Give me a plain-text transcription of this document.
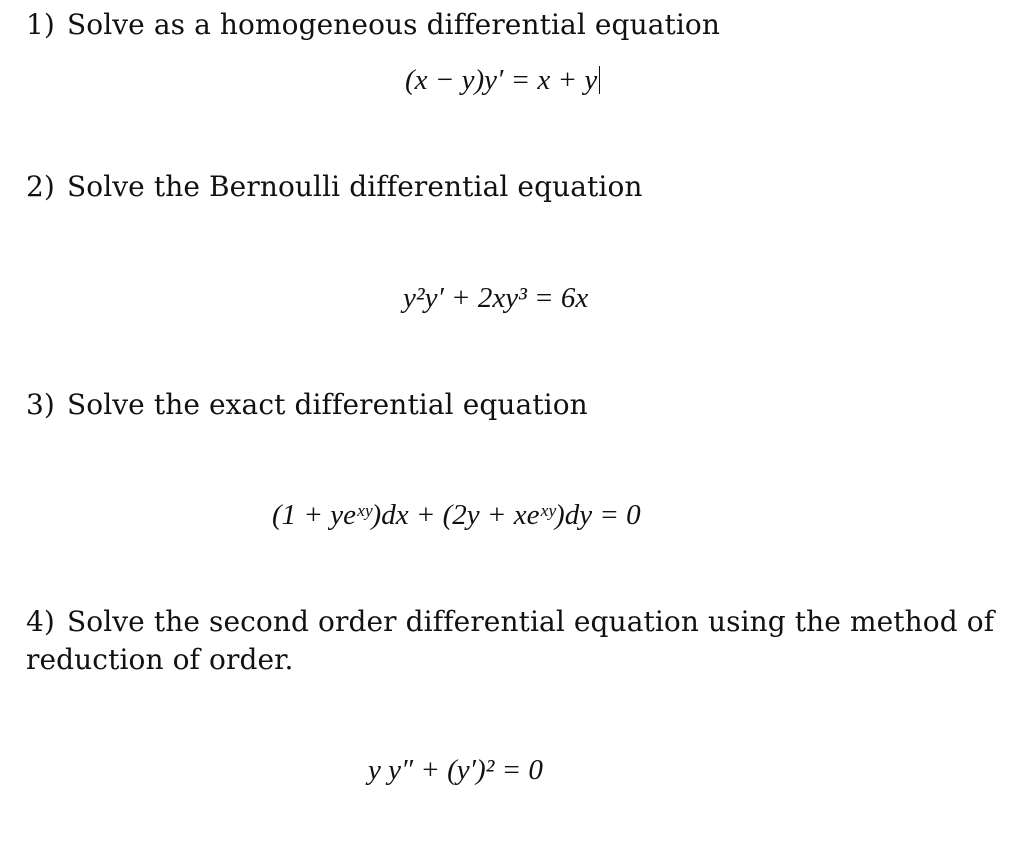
1) Solve as a homogeneous differential equation
(x − y)y′ = x + y
2) Solve the Bernoulli differential equation
y²y′ + 2xy³ = 6x
3) Solve the exact differential equation
(1 + yeˣʸ)dx + (2y + xeˣʸ)dy = 0
4) Solve the second order differential equation using the method of reduction of order.
y y″ + (y′)² = 0
